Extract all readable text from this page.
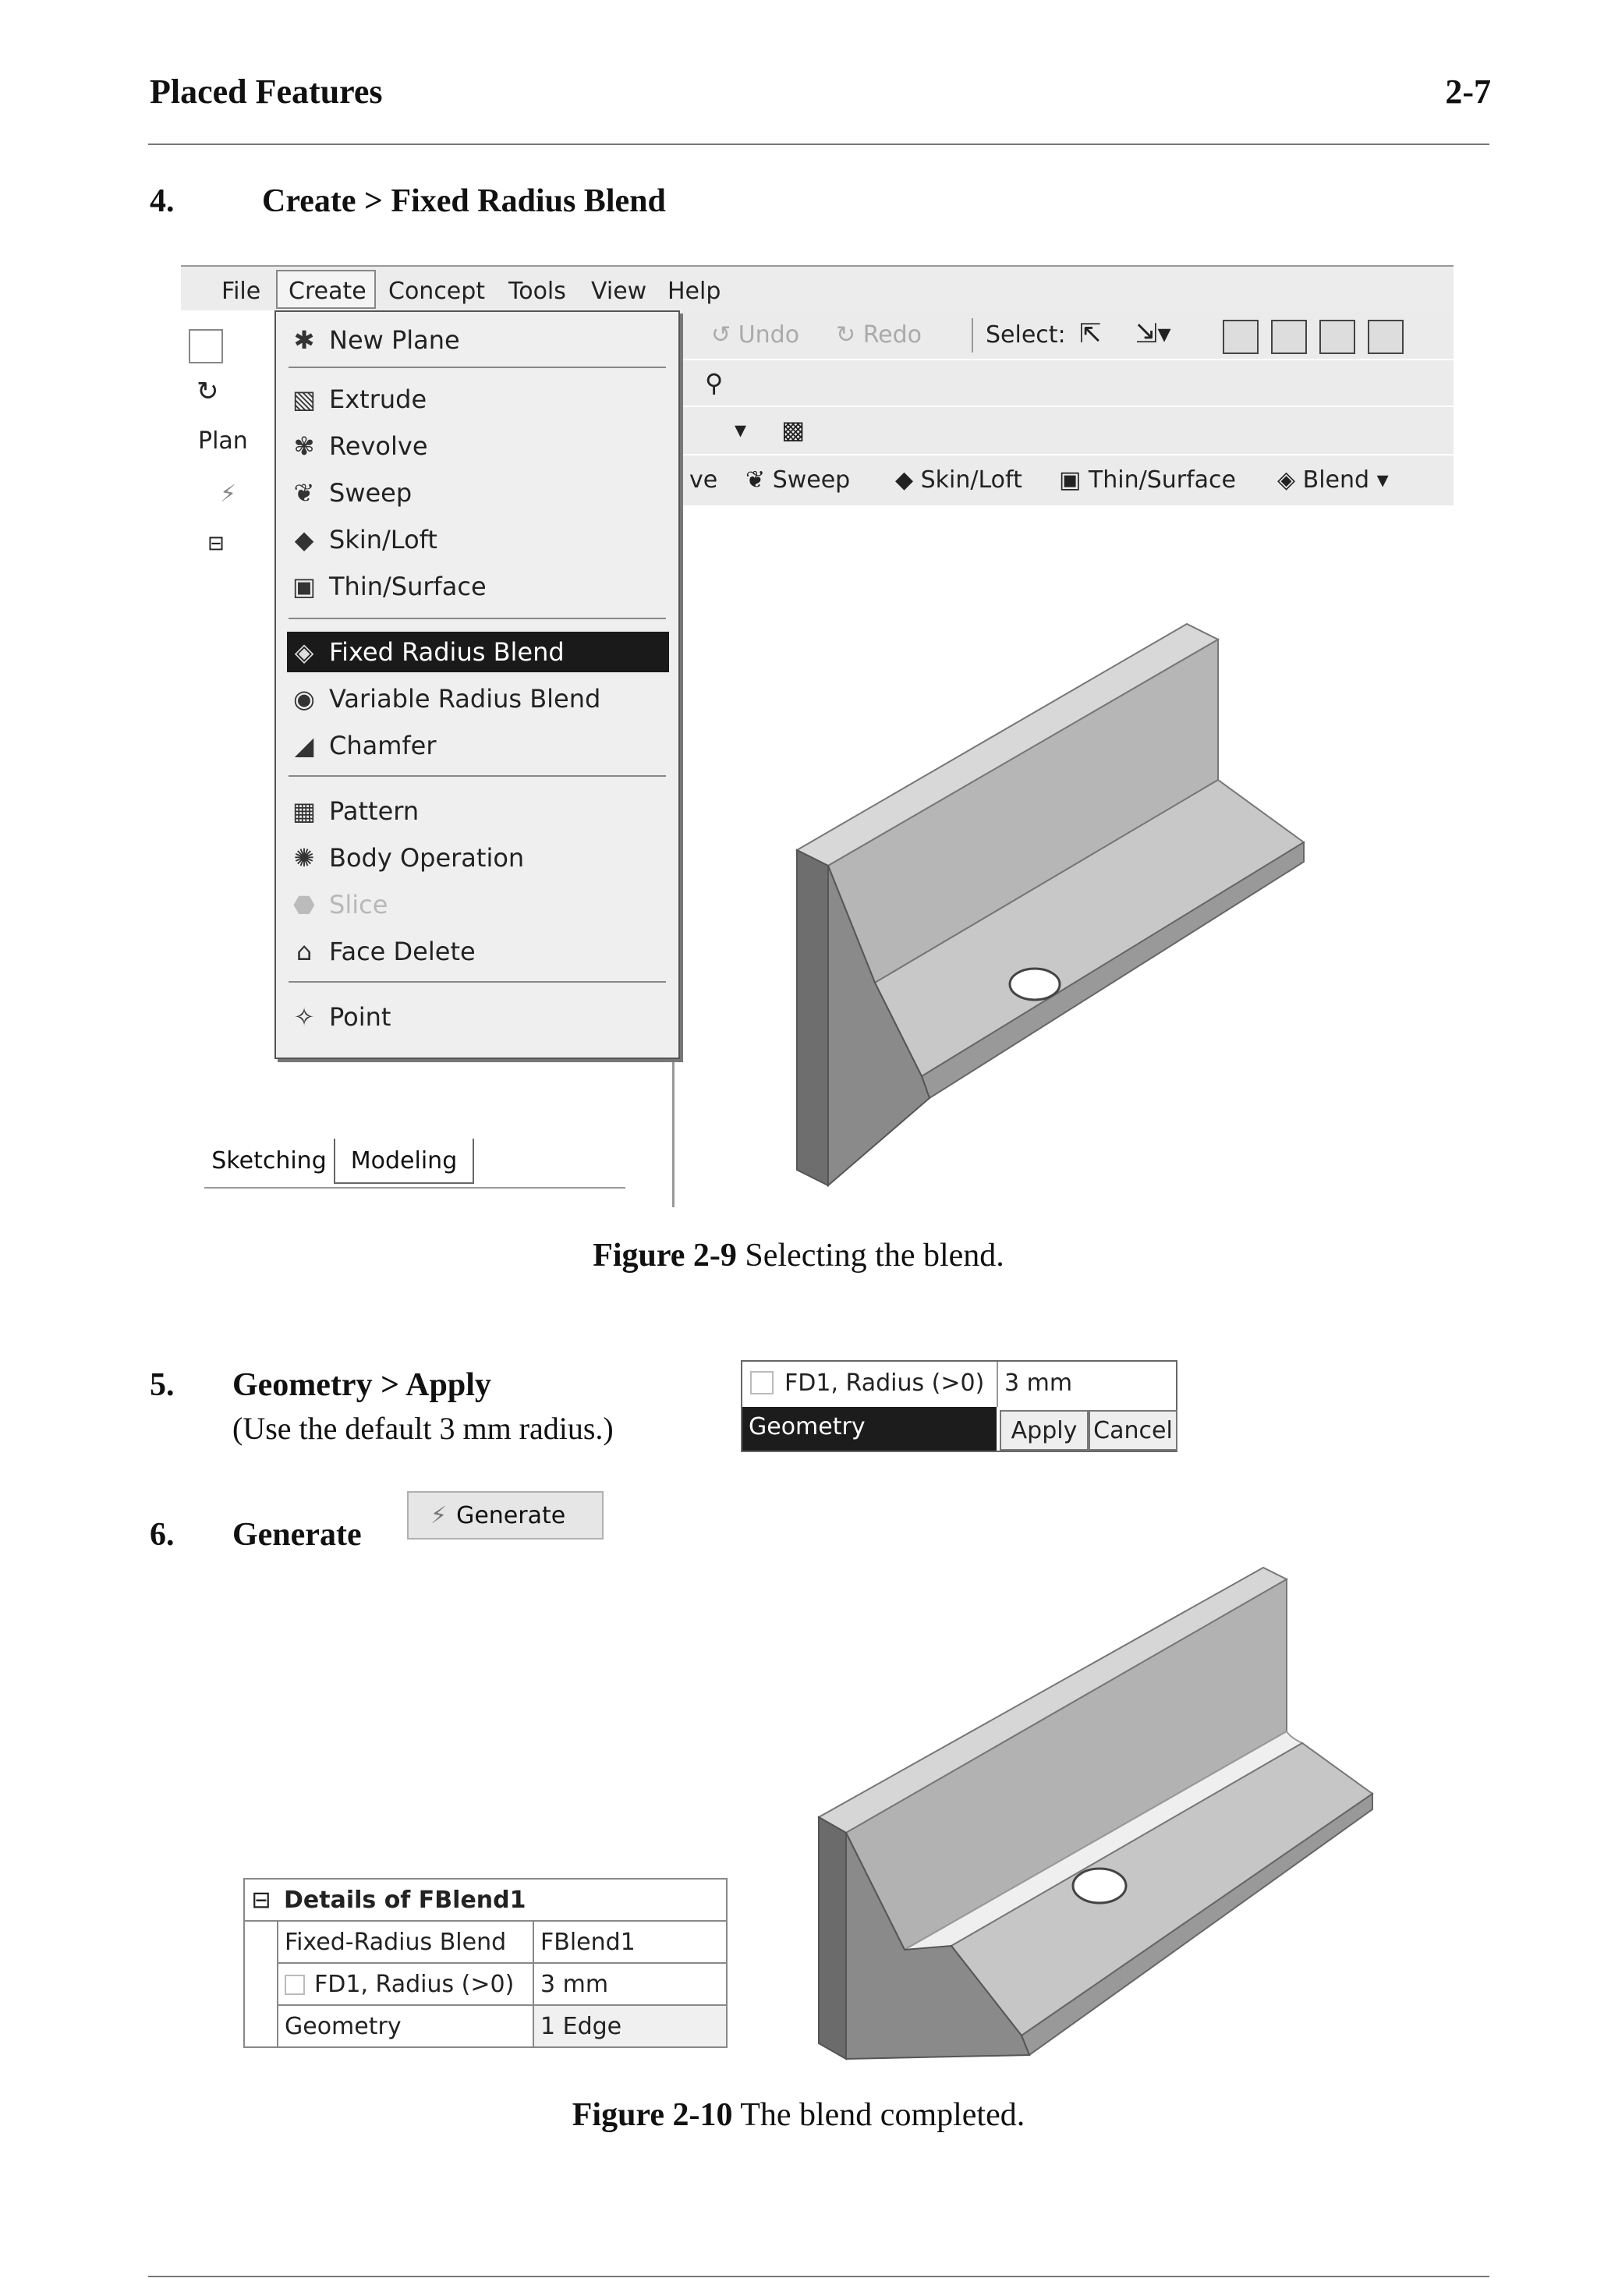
Placed Features	2-7
4.	Create > Fixed Radius Blend
File Create Concept Tools View Help
↺ Undo ↻ Redo	Select: ⇱ ⇲▾
⚲
▾ ▩
ve ❦ Sweep ◆ Skin/Loft ▣ Thin/Surface ◈ Blend ▾
↻
Plan
⚡
⊟
Sketching	Modeling
✱ New Plane
▧ Extrude
✾ Revolve
❦ Sweep
◆ Skin/Loft
▣ Thin/Surface
◈ Fixed Radius Blend
◉ Variable Radius Blend
◢ Chamfer
▦ Pattern
✺ Body Operation
⬣ Slice
⌂ Face Delete
✧ Point
Figure 2-9 Selecting the blend.
5. Geometry > Apply
(Use the default 3 mm radius.)
FD1, Radius (>0) 3 mm
Geometry	Apply Cancel
6. Generate
⚡ Generate
⊟	Details of FBlend1	
	Fixed-Radius Blend	FBlend1
	FD1, Radius (>0)	3 mm
	Geometry	1 Edge
Figure 2-10 The blend completed.
